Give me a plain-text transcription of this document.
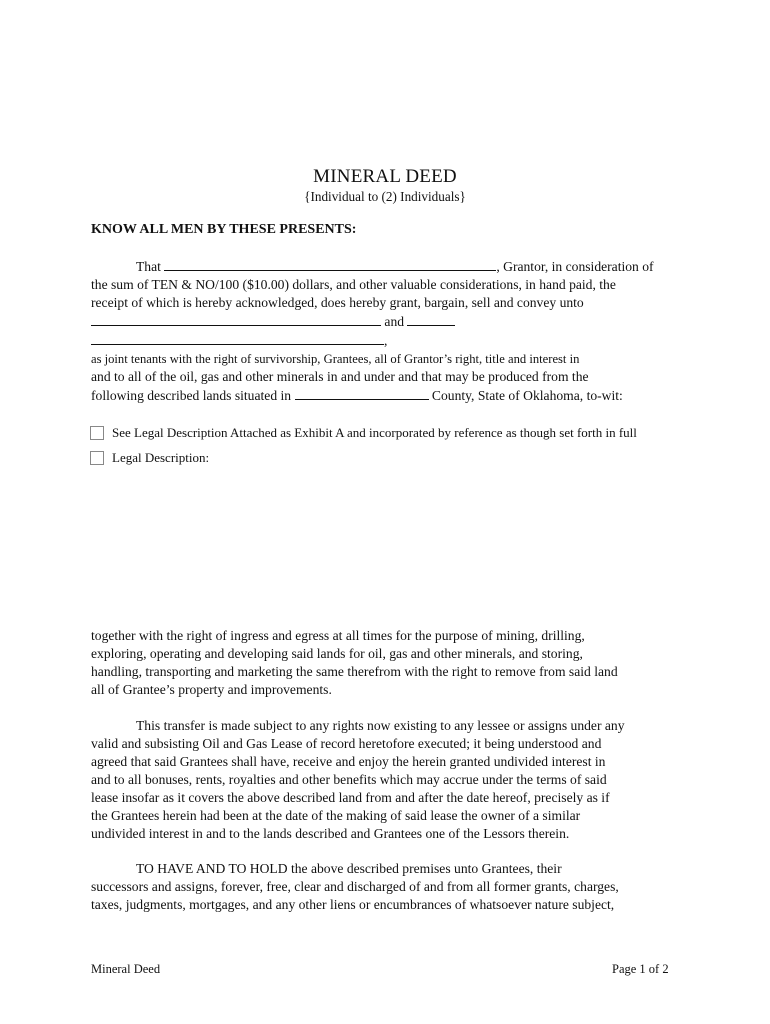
MINERAL DEED
{Individual to (2) Individuals}
KNOW ALL MEN BY THESE PRESENTS:
That	, Grantor, in consideration of
the sum of TEN & NO/100 ($10.00) dollars, and other valuable considerations, in hand paid, the
receipt of which is hereby acknowledged, does hereby grant, bargain, sell and convey unto
and
,
as joint tenants with the right of survivorship, Grantees, all of Grantor’s right, title and interest in
and to all of the oil, gas and other minerals in and under and that may be produced from the
following described lands situated in	County, State of Oklahoma, to-wit:
See Legal Description Attached as Exhibit A and incorporated by reference as though set forth in full
Legal Description:
together with the right of ingress and egress at all times for the purpose of mining, drilling,
exploring, operating and developing said lands for oil, gas and other minerals, and storing,
handling, transporting and marketing the same therefrom with the right to remove from said land
all of Grantee’s property and improvements.
This transfer is made subject to any rights now existing to any lessee or assigns under any
valid and subsisting Oil and Gas Lease of record heretofore executed; it being understood and
agreed that said Grantees shall have, receive and enjoy the herein granted undivided interest in
and to all bonuses, rents, royalties and other benefits which may accrue under the terms of said
lease insofar as it covers the above described land from and after the date hereof, precisely as if
the Grantees herein had been at the date of the making of said lease the owner of a similar
undivided interest in and to the lands described and Grantees one of the Lessors therein.
TO HAVE AND TO HOLD the above described premises unto Grantees, their
successors and assigns, forever, free, clear and discharged of and from all former grants, charges,
taxes, judgments, mortgages, and any other liens or encumbrances of whatsoever nature subject,
Mineral Deed	Page 1 of 2
